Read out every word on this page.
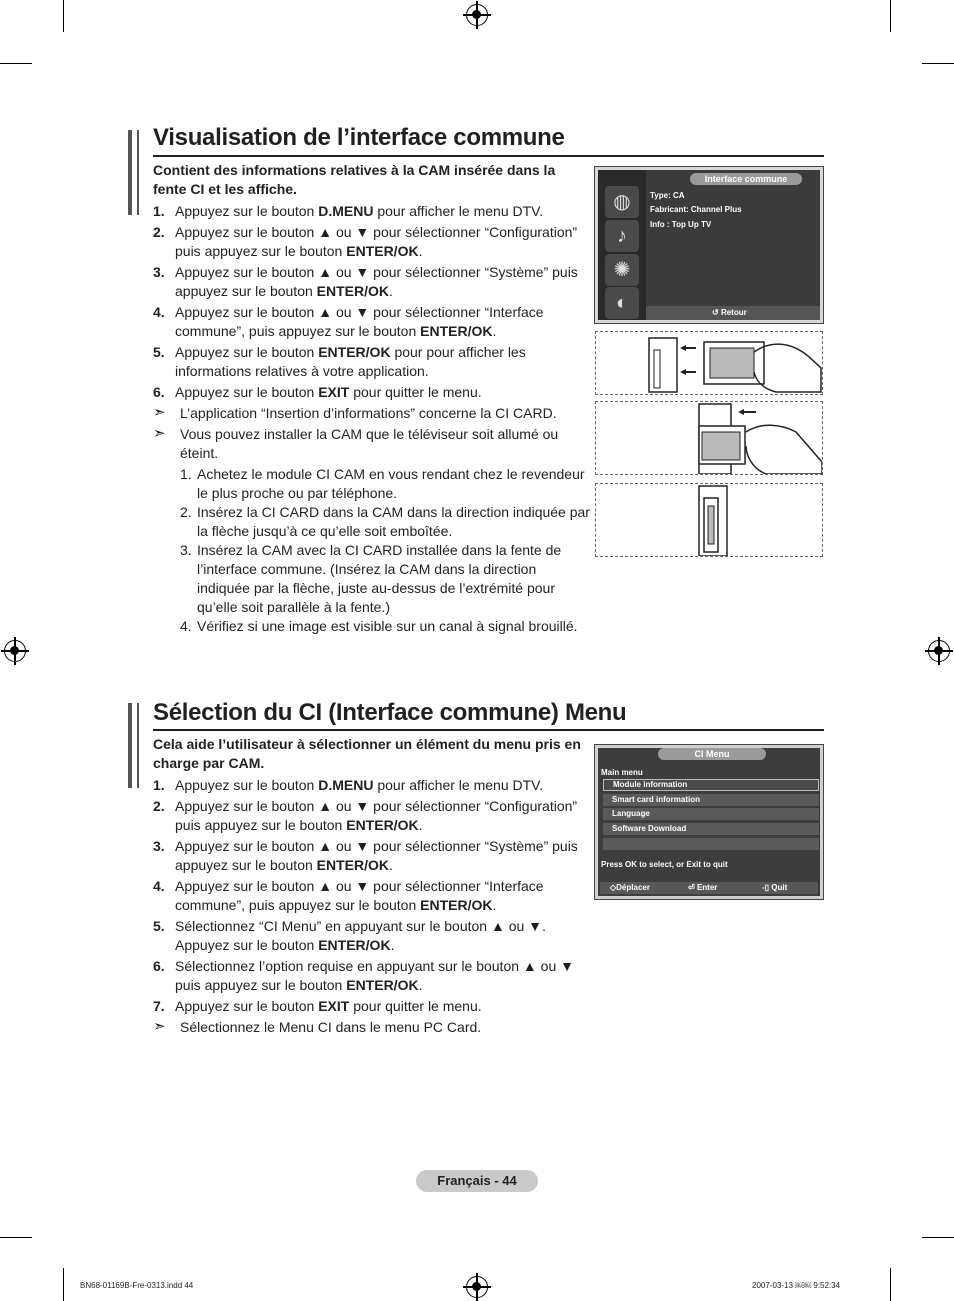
Visualisation de l’interface commune
Contient des informations relatives à la CAM insérée dans la fente CI et les affiche.
1. Appuyez sur le bouton D.MENU pour afficher le menu DTV.
2. Appuyez sur le bouton ▲ ou ▼ pour sélectionner “Configuration” puis appuyez sur le bouton ENTER/OK.
3. Appuyez sur le bouton ▲ ou ▼ pour sélectionner “Système” puis appuyez sur le bouton ENTER/OK.
4. Appuyez sur le bouton ▲ ou ▼ pour sélectionner “Interface commune”, puis appuyez sur le bouton ENTER/OK.
5. Appuyez sur le bouton ENTER/OK pour pour afficher les informations relatives à votre application.
6. Appuyez sur le bouton EXIT pour quitter le menu.
➣ L’application “Insertion d’informations” concerne la CI CARD.
➣ Vous pouvez installer la CAM que le téléviseur soit allumé ou éteint.
1. Achetez le module CI CAM en vous rendant chez le revendeur le plus proche ou par téléphone.
2. Insérez la CI CARD dans la CAM dans la direction indiquée par la flèche jusqu’à ce qu’elle soit emboîtée.
3. Insérez la CAM avec la CI CARD installée dans la fente de l’interface commune. (Insérez la CAM dans la direction indiquée par la flèche, juste au-dessus de l’extrémité pour qu’elle soit parallèle à la fente.)
4. Vérifiez si une image est visible sur un canal à signal brouillé.
◍
♪
✺
◐
Interface commune
Type: CA
Fabricant: Channel Plus
Info : Top Up TV
↺ Retour
Sélection du CI (Interface commune) Menu
Cela aide l’utilisateur à sélectionner un élément du menu pris en charge par CAM.
1. Appuyez sur le bouton D.MENU pour afficher le menu DTV.
2. Appuyez sur le bouton ▲ ou ▼ pour sélectionner “Configuration” puis appuyez sur le bouton ENTER/OK.
3. Appuyez sur le bouton ▲ ou ▼ pour sélectionner “Système” puis appuyez sur le bouton ENTER/OK.
4. Appuyez sur le bouton ▲ ou ▼ pour sélectionner “Interface commune”, puis appuyez sur le bouton ENTER/OK.
5. Sélectionnez “CI Menu” en appuyant sur le bouton ▲ ou ▼. Appuyez sur le bouton ENTER/OK.
6. Sélectionnez l’option requise en appuyant sur le bouton ▲ ou ▼ puis appuyez sur le bouton ENTER/OK.
7. Appuyez sur le bouton EXIT pour quitter le menu.
➣ Sélectionnez le Menu CI dans le menu PC Card.
CI Menu
Main menu
Module information
Smart card information
Language
Software Download
Press OK to select, or Exit to quit
◇Déplacer	⏎ Enter	-▯ Quit
Français - 44
BN68-01169B-Fre-0313.indd 44	2007-03-13 ￼￼ 9:52:34
